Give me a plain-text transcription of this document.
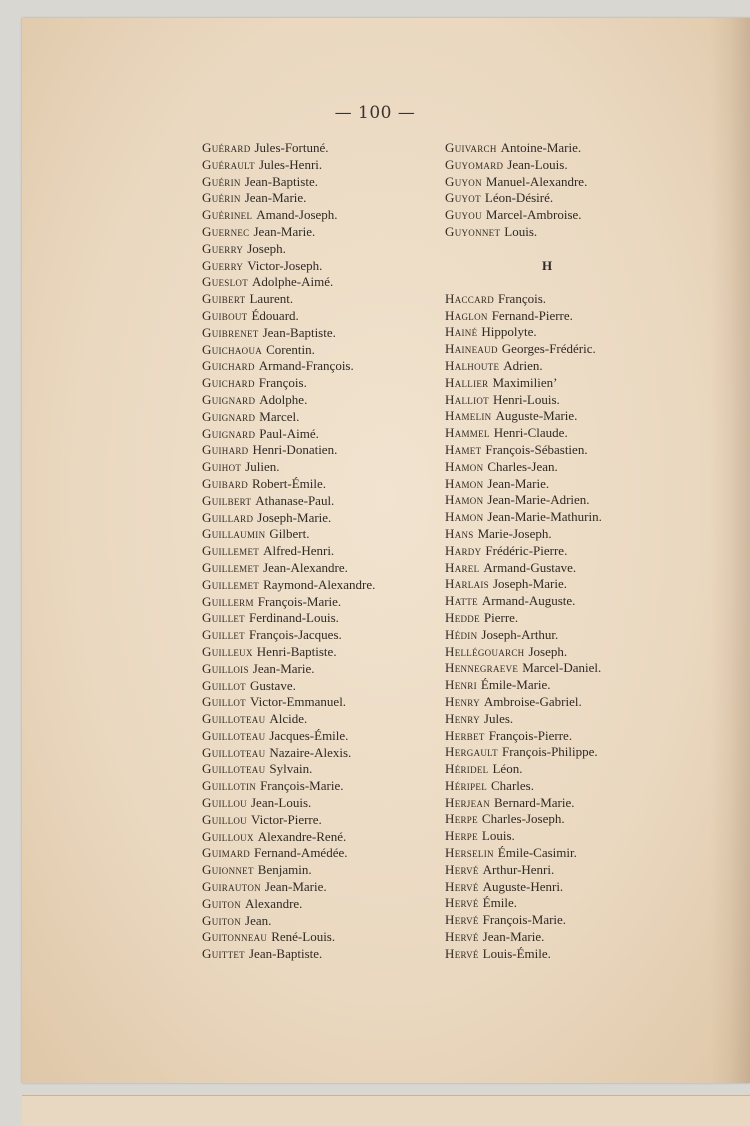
— 100 —
Guérard Jules-Fortuné.
Guérault Jules-Henri.
Guérin Jean-Baptiste.
Guérin Jean-Marie.
Guérinel Amand-Joseph.
Guernec Jean-Marie.
Guerry Joseph.
Guerry Victor-Joseph.
Gueslot Adolphe-Aimé.
Guibert Laurent.
Guibout Édouard.
Guibrenet Jean-Baptiste.
Guichaoua Corentin.
Guichard Armand-François.
Guichard François.
Guignard Adolphe.
Guignard Marcel.
Guignard Paul-Aimé.
Guihard Henri-Donatien.
Guihot Julien.
Guibard Robert-Émile.
Guilbert Athanase-Paul.
Guillard Joseph-Marie.
Guillaumin Gilbert.
Guillemet Alfred-Henri.
Guillemet Jean-Alexandre.
Guillemet Raymond-Alexandre.
Guillerm François-Marie.
Guillet Ferdinand-Louis.
Guillet François-Jacques.
Guilleux Henri-Baptiste.
Guillois Jean-Marie.
Guillot Gustave.
Guillot Victor-Emmanuel.
Guilloteau Alcide.
Guilloteau Jacques-Émile.
Guilloteau Nazaire-Alexis.
Guilloteau Sylvain.
Guillotin François-Marie.
Guillou Jean-Louis.
Guillou Victor-Pierre.
Guilloux Alexandre-René.
Guimard Fernand-Amédée.
Guionnet Benjamin.
Guirauton Jean-Marie.
Guiton Alexandre.
Guiton Jean.
Guitonneau René-Louis.
Guittet Jean-Baptiste.
Guivarch Antoine-Marie.
Guyomard Jean-Louis.
Guyon Manuel-Alexandre.
Guyot Léon-Désiré.
Guyou Marcel-Ambroise.
Guyonnet Louis.
H
Haccard François.
Haglon Fernand-Pierre.
Hainé Hippolyte.
Haineaud Georges-Frédéric.
Halhoute Adrien.
Hallier Maximilien’
Halliot Henri-Louis.
Hamelin Auguste-Marie.
Hammel Henri-Claude.
Hamet François-Sébastien.
Hamon Charles-Jean.
Hamon Jean-Marie.
Hamon Jean-Marie-Adrien.
Hamon Jean-Marie-Mathurin.
Hans Marie-Joseph.
Hardy Frédéric-Pierre.
Harel Armand-Gustave.
Harlais Joseph-Marie.
Hatte Armand-Auguste.
Hedde Pierre.
Hédin Joseph-Arthur.
Hellégouarch Joseph.
Hennegraeve Marcel-Daniel.
Henri Émile-Marie.
Henry Ambroise-Gabriel.
Henry Jules.
Herbet François-Pierre.
Hergault François-Philippe.
Héridel Léon.
Héripel Charles.
Herjean Bernard-Marie.
Herpe Charles-Joseph.
Herpe Louis.
Herselin Émile-Casimir.
Hervé Arthur-Henri.
Hervé Auguste-Henri.
Hervé Émile.
Hervé François-Marie.
Hervé Jean-Marie.
Hervé Louis-Émile.
